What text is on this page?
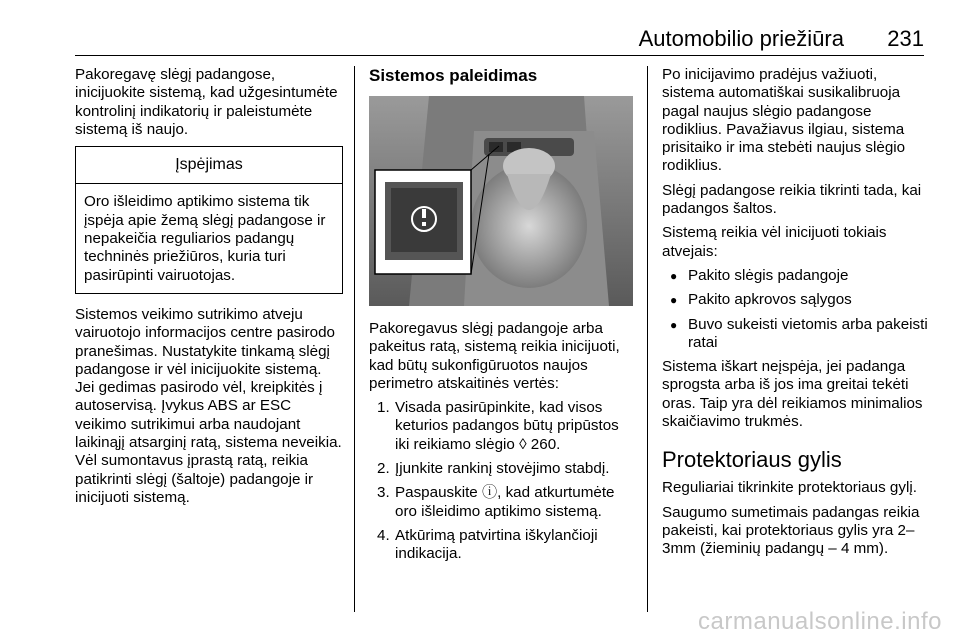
Automobilio priežiūra 231

Pakoregavę slėgį padangose, inicijuokite sistemą, kad užgesintumėte kontrolinį indikatorių ir paleistumėte sistemą iš naujo.

Įspėjimas
Oro išleidimo aptikimo sistema tik įspėja apie žemą slėgį padangose ir nepakeičia reguliarios padangų techninės priežiūros, kuria turi pasirūpinti vairuotojas.

Sistemos veikimo sutrikimo atveju vairuotojo informacijos centre pasirodo pranešimas. Nustatykite tinkamą slėgį padangose ir vėl inicijuokite sistemą. Jei gedimas pasirodo vėl, kreipkitės į autoservisą. Įvykus ABS ar ESC veikimo sutrikimui arba naudojant laikinąjį atsarginį ratą, sistema neveikia. Vėl sumontavus įprastą ratą, reikia patikrinti slėgį (šaltoje) padangoje ir inicijuoti sistemą.

Sistemos paleidimas

Pakoregavus slėgį padangoje arba pakeitus ratą, sistemą reikia inicijuoti, kad būtų sukonfigūruotos naujos perimetro atskaitinės vertės:

1. Visada pasirūpinkite, kad visos keturios padangos būtų pripūstos iki reikiamo slėgio ◊ 260.
2. Įjunkite rankinį stovėjimo stabdį.
3. Paspauskite ⓘ, kad atkurtumėte oro išleidimo aptikimo sistemą.
4. Atkūrimą patvirtina iškylančioji indikacija.

Po inicijavimo pradėjus važiuoti, sistema automatiškai susikalibruoja pagal naujus slėgio padangose rodiklius. Pavažiavus ilgiau, sistema prisitaiko ir ima stebėti naujus slėgio rodiklius.

Slėgį padangose reikia tikrinti tada, kai padangos šaltos.

Sistemą reikia vėl inicijuoti tokiais atvejais:

● Pakito slėgis padangoje
● Pakito apkrovos sąlygos
● Buvo sukeisti vietomis arba pakeisti ratai

Sistema iškart neįspėja, jei padanga sprogsta arba iš jos ima greitai tekėti oras. Taip yra dėl reikiamos minimalios skaičiavimo trukmės.

Protektoriaus gylis

Reguliariai tikrinkite protektoriaus gylį.

Saugumo sumetimais padangas reikia pakeisti, kai protektoriaus gylis yra 2–3mm (žieminių padangų – 4 mm).

carmanualsonline.info
